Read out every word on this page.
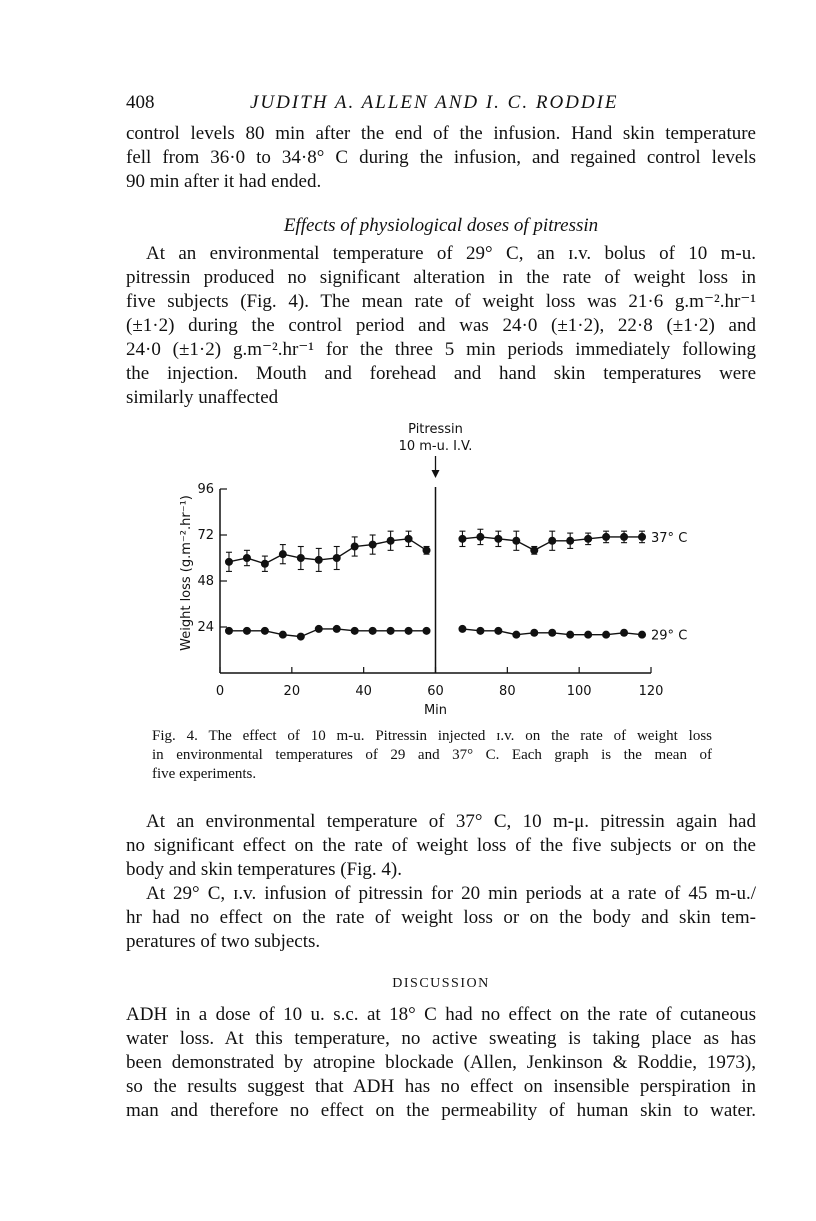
408	JUDITH A. ALLEN AND I. C. RODDIE

control levels 80 min after the end of the infusion. Hand skin temperature
fell from 36·0 to 34·8° C during the infusion, and regained control levels
90 min after it had ended.

Effects of physiological doses of pitressin

At an environmental temperature of 29° C, an ɪ.v. bolus of 10 m-u.
pitressin produced no significant alteration in the rate of weight loss in
five subjects (Fig. 4). The mean rate of weight loss was 21·6 g.m⁻².hr⁻¹
(±1·2) during the control period and was 24·0 (±1·2), 22·8 (±1·2) and
24·0 (±1·2) g.m⁻².hr⁻¹ for the three 5 min periods immediately following
the injection. Mouth and forehead and hand skin temperatures were
similarly unaffected

24
48
72
96
0	20	40	60	80	100	120
Min
Weight loss (g.m⁻².hr⁻¹)
Pitressin
10 m-u. I.V.
37° C
29° C

Fig. 4. The effect of 10 m-u. Pitressin injected ɪ.v. on the rate of weight loss
in environmental temperatures of 29 and 37° C. Each graph is the mean of
five experiments.

At an environmental temperature of 37° C, 10 m-μ. pitressin again had
no significant effect on the rate of weight loss of the five subjects or on the
body and skin temperatures (Fig. 4).

At 29° C, ɪ.v. infusion of pitressin for 20 min periods at a rate of 45 m-u./
hr had no effect on the rate of weight loss or on the body and skin tem-
peratures of two subjects.

DISCUSSION

ADH in a dose of 10 u. s.c. at 18° C had no effect on the rate of cutaneous
water loss. At this temperature, no active sweating is taking place as has
been demonstrated by atropine blockade (Allen, Jenkinson & Roddie, 1973),
so the results suggest that ADH has no effect on insensible perspiration in
man and therefore no effect on the permeability of human skin to water.
